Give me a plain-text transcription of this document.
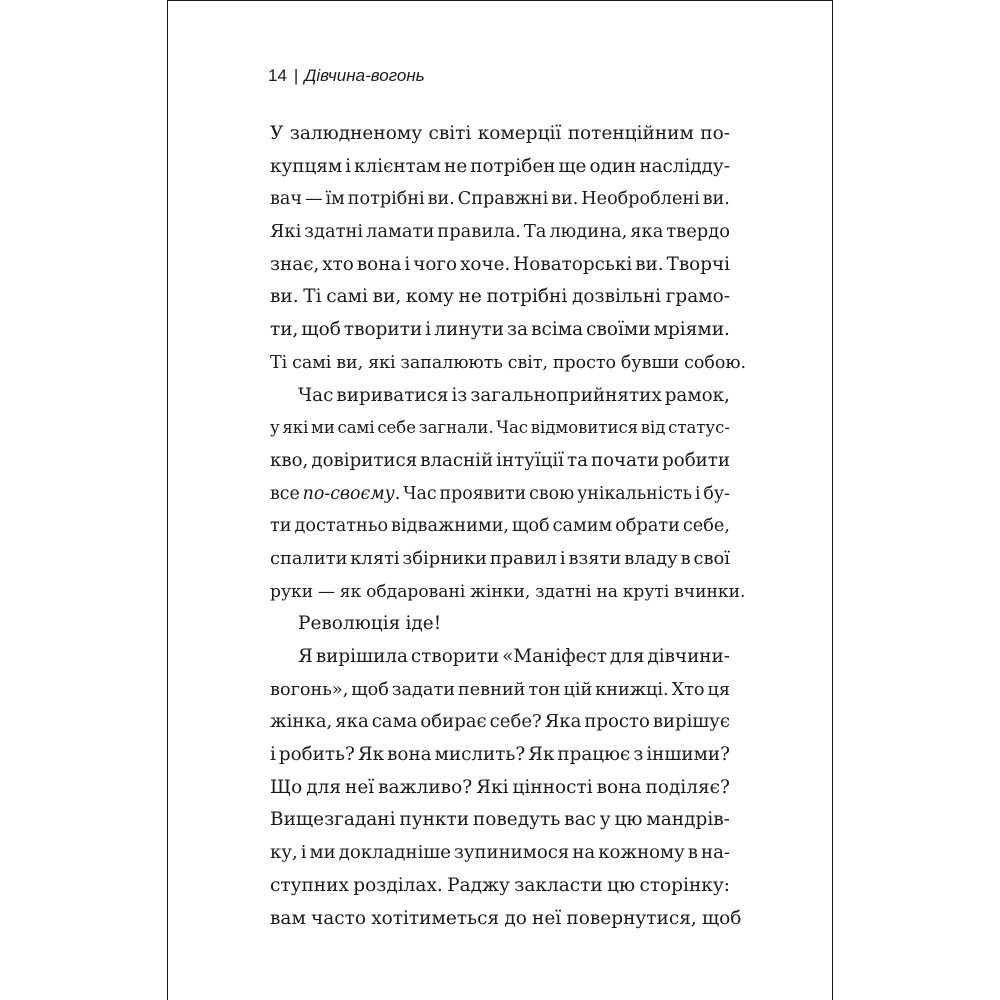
14 | Дівчина-вогонь
У залюдненому світі комерції потенційним по-
купцям і клієнтам не потрібен ще один наслідду-
вач — їм потрібні ви. Справжні ви. Необроблені ви.
Які здатні ламати правила. Та людина, яка твердо
знає, хто вона і чого хоче. Новаторські ви. Творчі
ви. Ті самі ви, кому не потрібні дозвільні грамо-
ти, щоб творити і линути за всіма своїми мріями.
Ті самі ви, які запалюють світ, просто бувши собою.
Час вириватися із загальноприйнятих рамок,
у які ми самі себе загнали. Час відмовитися від статус-
кво, довіритися власній інтуїції та почати робити
все по-своєму. Час проявити свою унікальність і бу-
ти достатньо відважними, щоб самим обрати себе,
спалити кляті збірники правил і взяти владу в свої
руки — як обдаровані жінки, здатні на круті вчинки.
Революція іде!
Я вирішила створити «Маніфест для дівчини-
вогонь», щоб задати певний тон цій книжці. Хто ця
жінка, яка сама обирає себе? Яка просто вирішує
і робить? Як вона мислить? Як працює з іншими?
Що для неї важливо? Які цінності вона поділяє?
Вищезгадані пункти поведуть вас у цю мандрів-
ку, і ми докладніше зупинимося на кожному в на-
ступних розділах. Раджу закласти цю сторінку:
вам часто хотітиметься до неї повернутися, щоб
